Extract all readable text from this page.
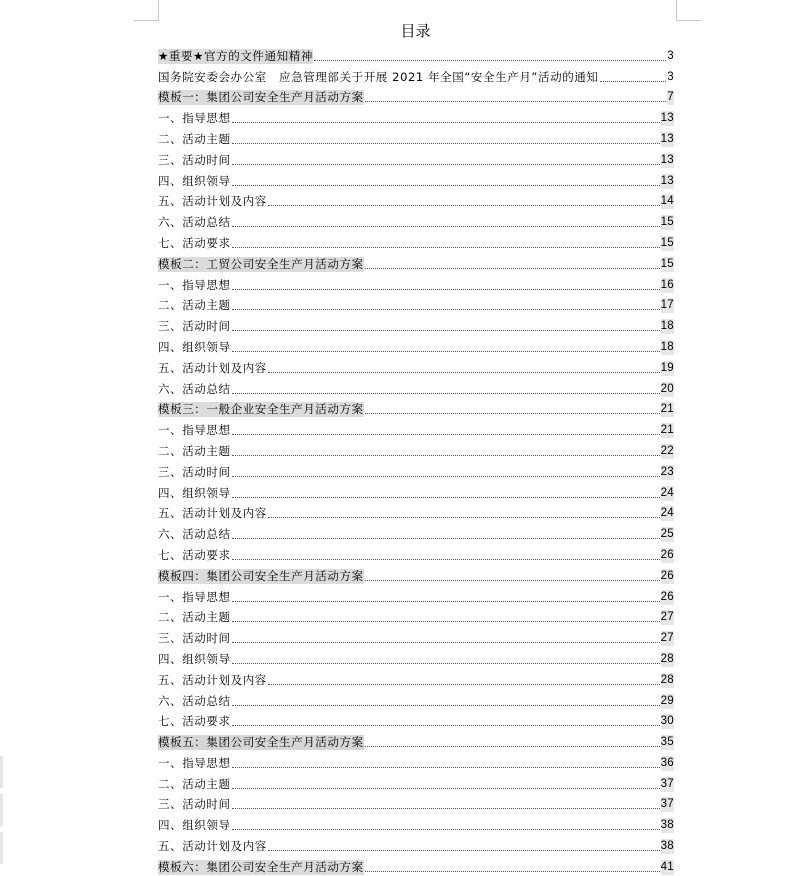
目录
★重要★官方的文件通知精神	3
国务院安委会办公室　应急管理部关于开展 2021 年全国“安全生产月”活动的通知	3
模板一：集团公司安全生产月活动方案	7
一、指导思想	13
二、活动主题	13
三、活动时间	13
四、组织领导	13
五、活动计划及内容	14
六、活动总结	15
七、活动要求	15
模板二：工贸公司安全生产月活动方案	15
一、指导思想	16
二、活动主题	17
三、活动时间	18
四、组织领导	18
五、活动计划及内容	19
六、活动总结	20
模板三：一般企业安全生产月活动方案	21
一、指导思想	21
二、活动主题	22
三、活动时间	23
四、组织领导	24
五、活动计划及内容	24
六、活动总结	25
七、活动要求	26
模板四：集团公司安全生产月活动方案	26
一、指导思想	26
二、活动主题	27
三、活动时间	27
四、组织领导	28
五、活动计划及内容	28
六、活动总结	29
七、活动要求	30
模板五：集团公司安全生产月活动方案	35
一、指导思想	36
二、活动主题	37
三、活动时间	37
四、组织领导	38
五、活动计划及内容	38
模板六：集团公司安全生产月活动方案	41
